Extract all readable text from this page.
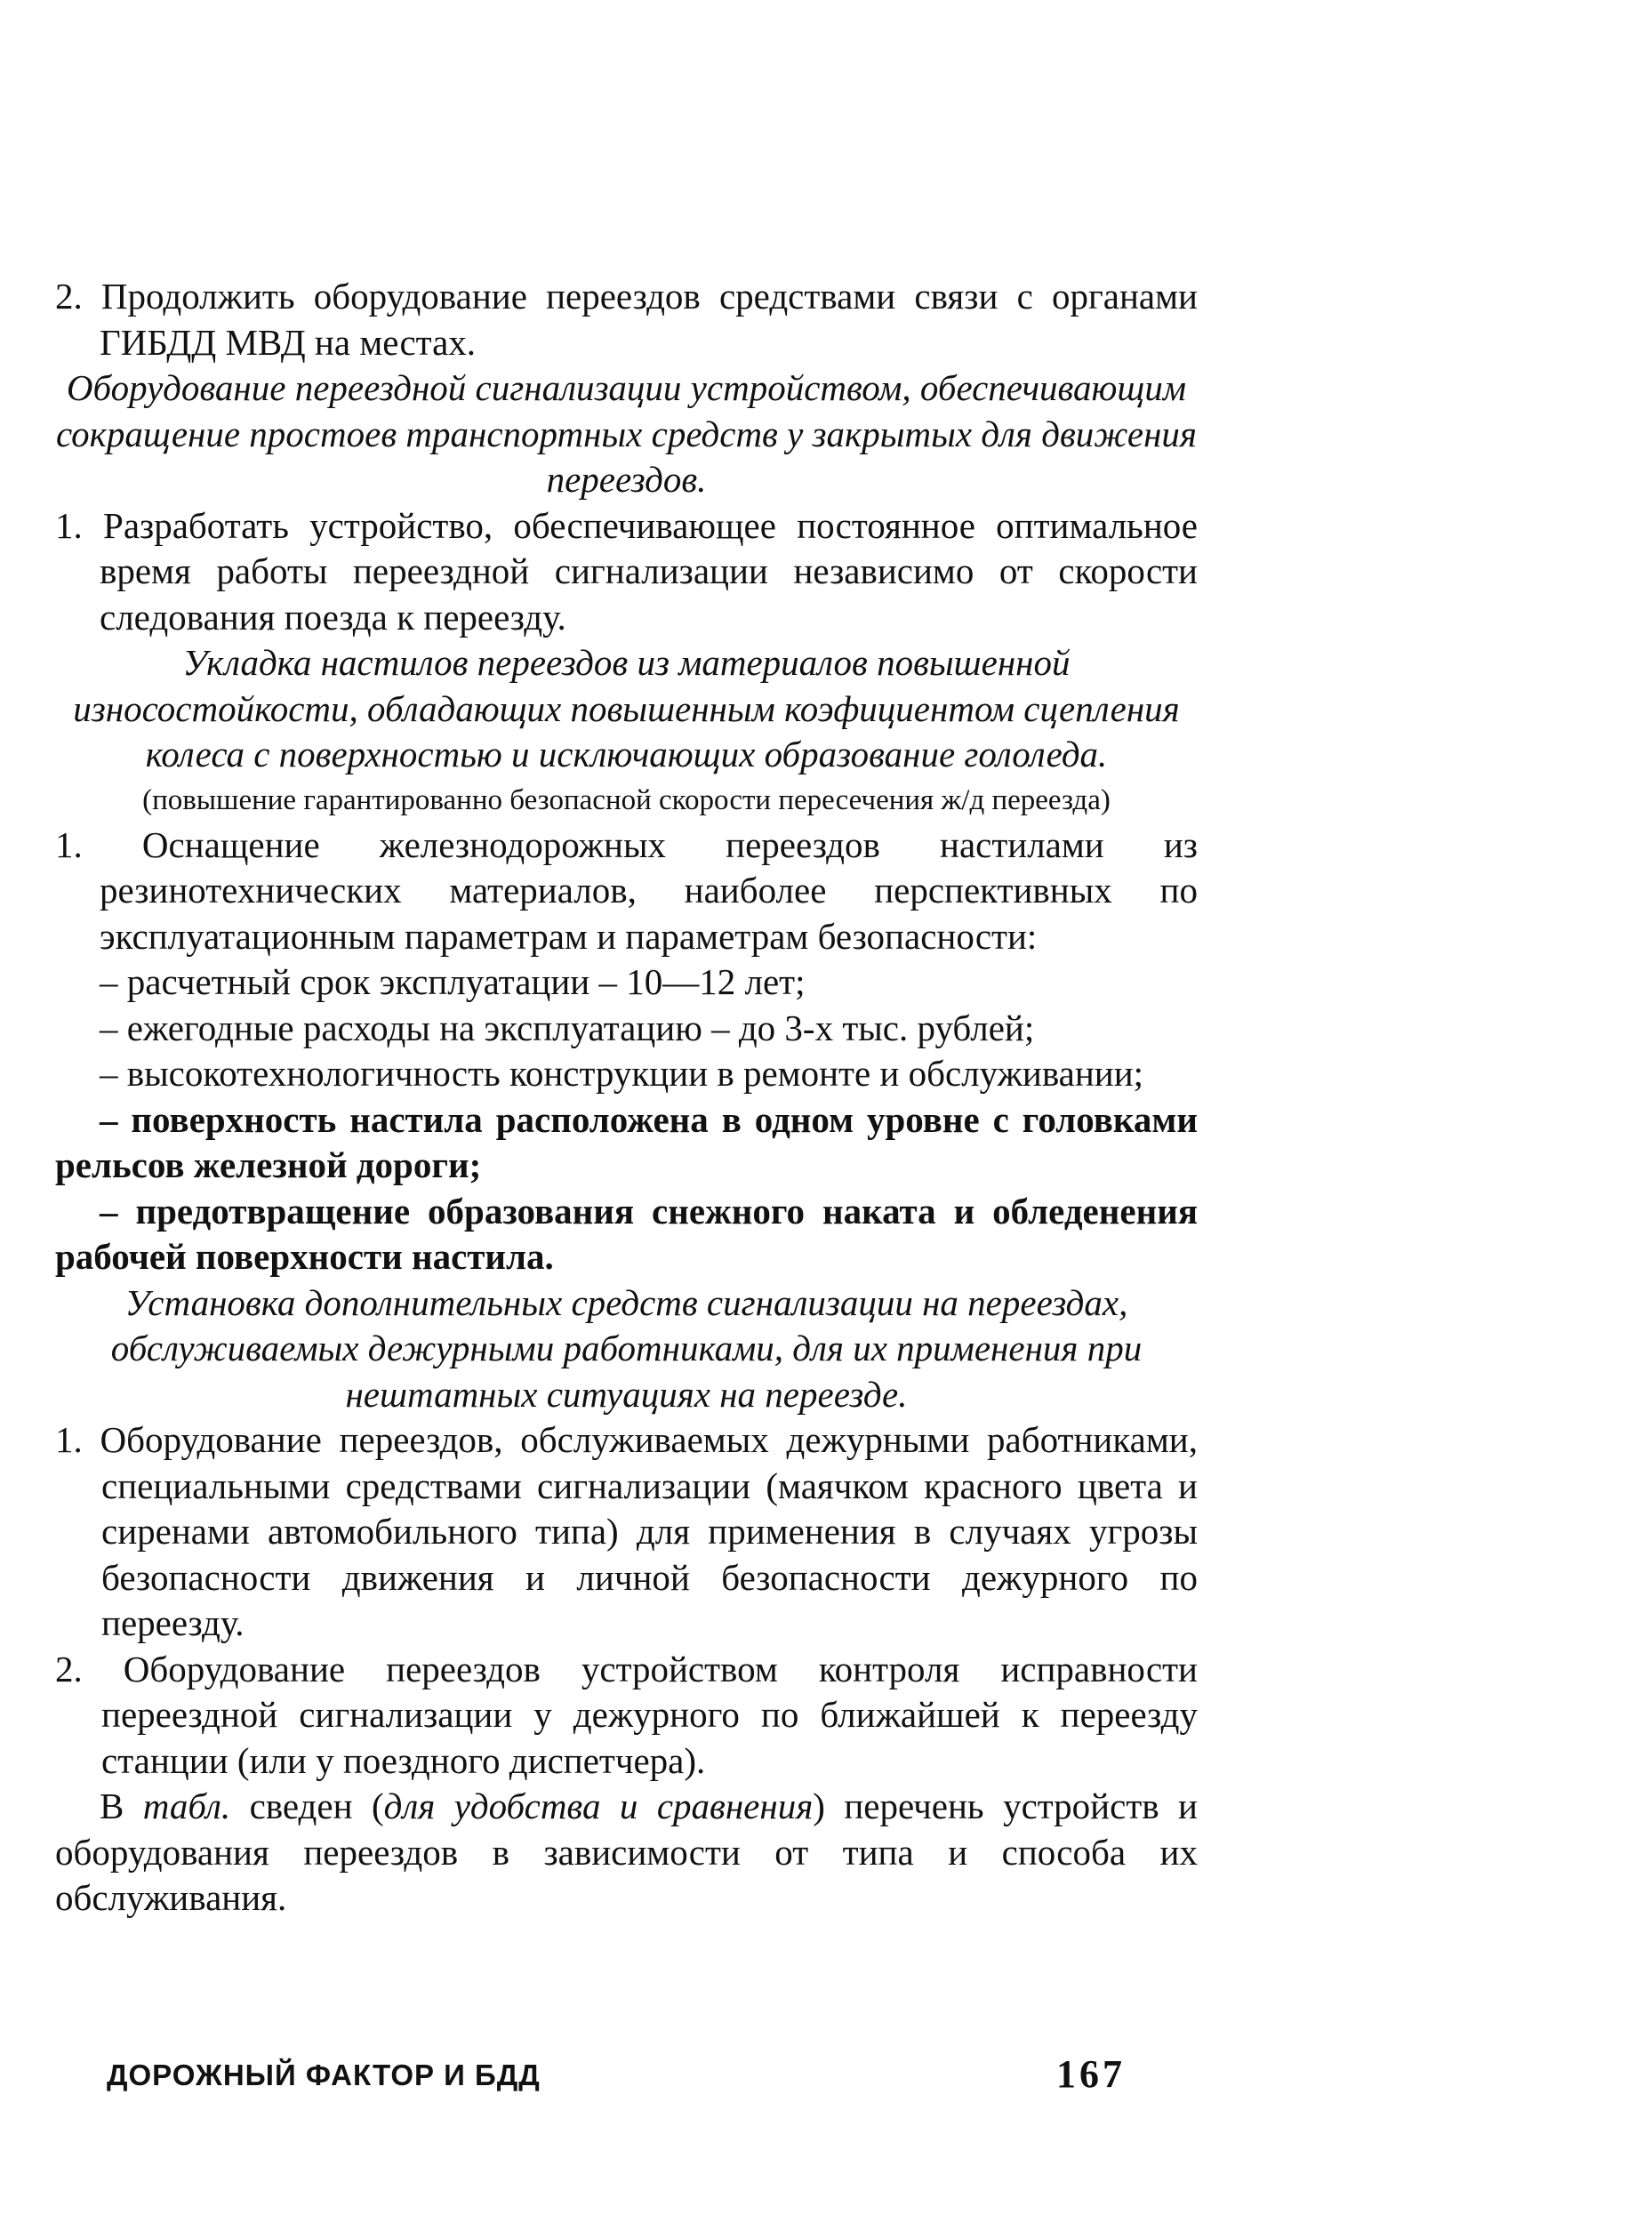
2. Продолжить оборудование переездов средствами связи с органами ГИБДД МВД на местах.

Оборудование переездной сигнализации устройством, обеспечивающим сокращение простоев транспортных средств у закрытых для движения переездов.

1. Разработать устройство, обеспечивающее постоянное оптимальное время работы переездной сигнализации независимо от скорости следования поезда к переезду.

Укладка настилов переездов из материалов повышенной износостойкости, обладающих повышенным коэфициентом сцепления колеса с поверхностью и исключающих образование гололеда.

(повышение гарантированно безопасной скорости пересечения ж/д переезда)

1. Оснащение железнодорожных переездов настилами из резинотехнических материалов, наиболее перспективных по эксплуатационным параметрам и параметрам безопасности:

– расчетный срок эксплуатации – 10—12 лет;

– ежегодные расходы на эксплуатацию – до 3-х тыс. рублей;

– высокотехнологичность конструкции в ремонте и обслуживании;

– поверхность настила расположена в одном уровне с головками рельсов железной дороги;

– предотвращение образования снежного наката и обледенения рабочей поверхности настила.

Установка дополнительных средств сигнализации на переездах, обслуживаемых дежурными работниками, для их применения при нештатных ситуациях на переезде.

1. Оборудование переездов, обслуживаемых дежурными работниками, специальными средствами сигнализации (маячком красного цвета и сиренами автомобильного типа) для применения в случаях угрозы безопасности движения и личной безопасности дежурного по переезду.

2. Оборудование переездов устройством контроля исправности переездной сигнализации у дежурного по ближайшей к переезду станции (или у поездного диспетчера).

В табл. сведен (для удобства и сравнения) перечень устройств и оборудования переездов в зависимости от типа и способа их обслуживания.

ДОРОЖНЫЙ ФАКТОР И БДД	167
